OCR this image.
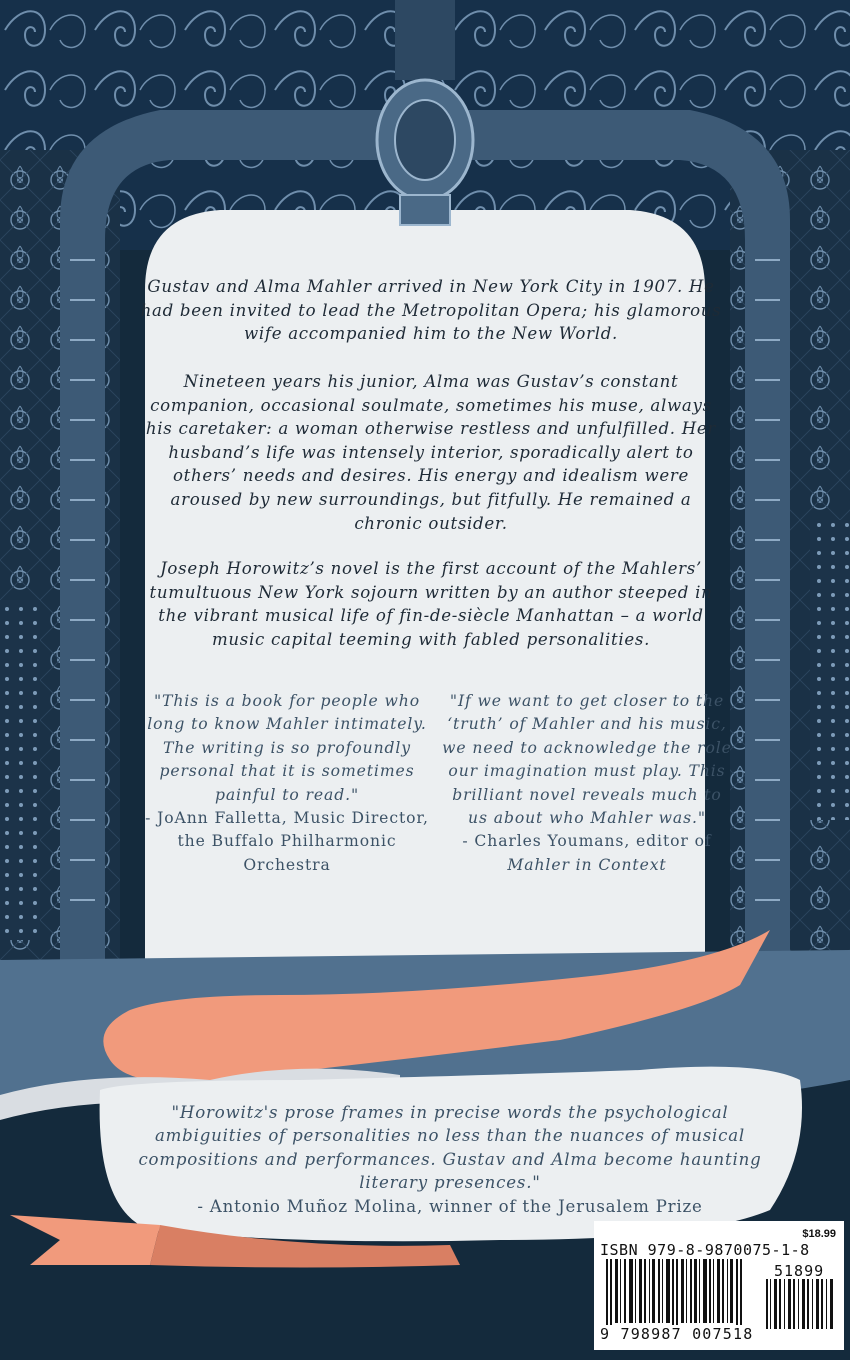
Gustav and Alma Mahler arrived in New York City in 1907. He had been invited to lead the Metropolitan Opera; his glamorous wife accompanied him to the New World.

Nineteen years his junior, Alma was Gustav’s constant companion, occasional soulmate, sometimes his muse, always his caretaker: a woman otherwise restless and unfulfilled. Her husband’s life was intensely interior, sporadically alert to others’ needs and desires. His energy and idealism were aroused by new surroundings, but fitfully. He remained a chronic outsider.

Joseph Horowitz’s novel is the first account of the Mahlers’ tumultuous New York sojourn written by an author steeped in the vibrant musical life of fin-de-siècle Manhattan – a world music capital teeming with fabled personalities.

"This is a book for people who long to know Mahler intimately. The writing is so profoundly personal that it is sometimes painful to read."
- JoAnn Falletta, Music Director, the Buffalo Philharmonic Orchestra
"If we want to get closer to the ‘truth’ of Mahler and his music, we need to acknowledge the role our imagination must play. This brilliant novel reveals much to us about who Mahler was."
- Charles Youmans, editor of Mahler in Context
"Horowitz's prose frames in precise words the psychological ambiguities of personalities no less than the nuances of musical compositions and performances. Gustav and Alma become haunting literary presences."
- Antonio Muñoz Molina, winner of the Jerusalem Prize
$18.99
ISBN 979-8-9870075-1-8
51899
9 798987 007518
